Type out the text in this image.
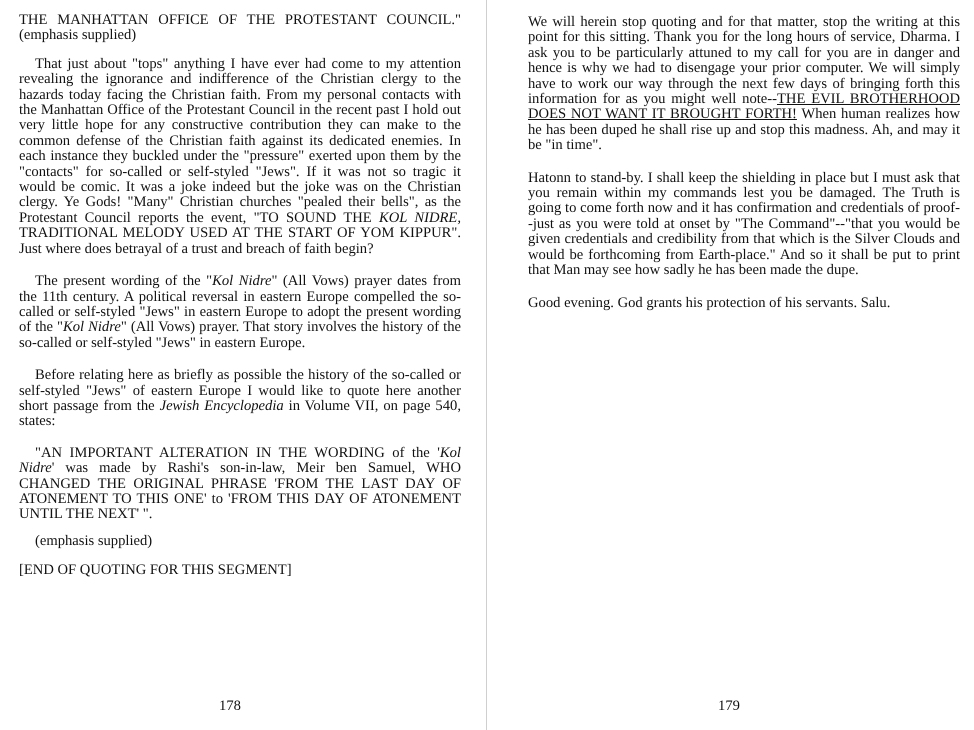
THE MANHATTAN OFFICE OF THE PROTESTANT COUNCIL." (emphasis supplied)

That just about "tops" anything I have ever had come to my attention revealing the ignorance and indifference of the Christian clergy to the hazards today facing the Christian faith. From my personal contacts with the Manhattan Office of the Protestant Council in the recent past I hold out very little hope for any constructive contribution they can make to the common defense of the Christian faith against its dedicated enemies. In each instance they buckled under the "pressure" exerted upon them by the "contacts" for so-called or self-styled "Jews". If it was not so tragic it would be comic. It was a joke indeed but the joke was on the Christian clergy. Ye Gods! "Many" Christian churches "pealed their bells", as the Protestant Council reports the event, "TO SOUND THE KOL NIDRE, TRADITIONAL MELODY USED AT THE START OF YOM KIPPUR". Just where does betrayal of a trust and breach of faith begin?

The present wording of the "Kol Nidre" (All Vows) prayer dates from the 11th century. A political reversal in eastern Europe compelled the so-called or self-styled "Jews" in eastern Europe to adopt the present wording of the "Kol Nidre" (All Vows) prayer. That story involves the history of the so-called or self-styled "Jews" in eastern Europe.

Before relating here as briefly as possible the history of the so-called or self-styled "Jews" of eastern Europe I would like to quote here another short passage from the Jewish Encyclopedia in Volume VII, on page 540, states:

"AN IMPORTANT ALTERATION IN THE WORDING of the 'Kol Nidre' was made by Rashi's son-in-law, Meir ben Samuel, WHO CHANGED THE ORIGINAL PHRASE 'FROM THE LAST DAY OF ATONEMENT TO THIS ONE' to 'FROM THIS DAY OF ATONEMENT UNTIL THE NEXT' ".

(emphasis supplied)

[END OF QUOTING FOR THIS SEGMENT]

178

We will herein stop quoting and for that matter, stop the writing at this point for this sitting. Thank you for the long hours of service, Dharma. I ask you to be particularly attuned to my call for you are in danger and hence is why we had to disengage your prior computer. We will simply have to work our way through the next few days of bringing forth this information for as you might well note--THE EVIL BROTHERHOOD DOES NOT WANT IT BROUGHT FORTH! When human realizes how he has been duped he shall rise up and stop this madness. Ah, and may it be "in time".

Hatonn to stand-by. I shall keep the shielding in place but I must ask that you remain within my commands lest you be damaged. The Truth is going to come forth now and it has confirmation and credentials of proof--just as you were told at onset by "The Command"--"that you would be given credentials and credibility from that which is the Silver Clouds and would be forthcoming from Earth-place." And so it shall be put to print that Man may see how sadly he has been made the dupe.

Good evening. God grants his protection of his servants. Salu.

179
